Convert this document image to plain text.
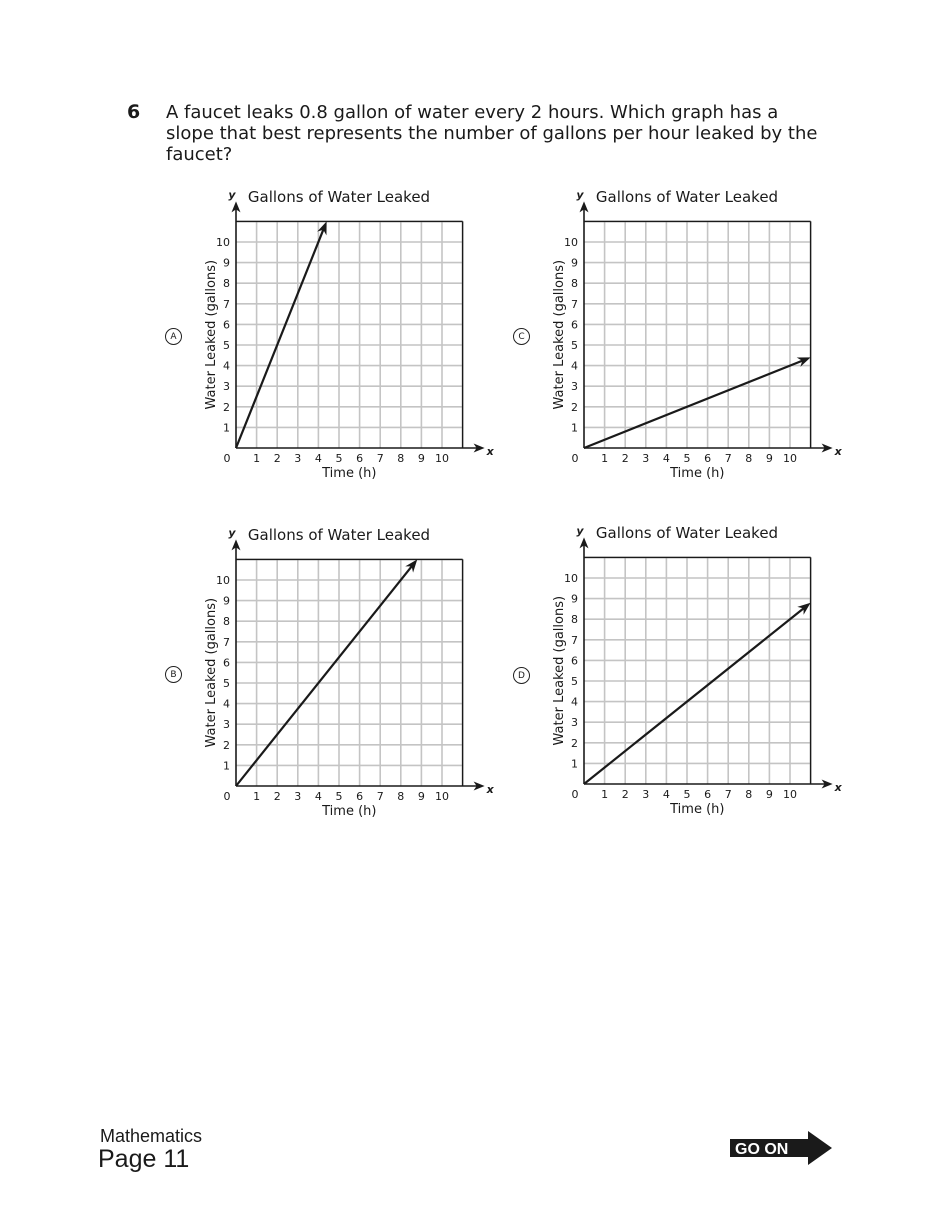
6 A faucet leaks 0.8 gallon of water every 2 hours. Which graph has a slope that best represents the number of gallons per hour leaked by the faucet?
A	C
B	D
Gallons of Water Leaked
x
y
0 1 2 3 4 5 6 7 8 9 10
1
2
3
4
5
6
7
8
9
10
Time (h)
Water Leaked (gallons)
Gallons of Water Leaked
x
y
0 1 2 3 4 5 6 7 8 9 10
1
2
3
4
5
6
7
8
9
10
Time (h)
Water Leaked (gallons)
Gallons of Water Leaked
x
y
0 1 2 3 4 5 6 7 8 9 10
1
2
3
4
5
6
7
8
9
10
Time (h)
Water Leaked (gallons)
Gallons of Water Leaked
x
y
0 1 2 3 4 5 6 7 8 9 10
1
2
3
4
5
6
7
8
9
10
Time (h)
Water Leaked (gallons)
Mathematics
Page 11	GO ON
